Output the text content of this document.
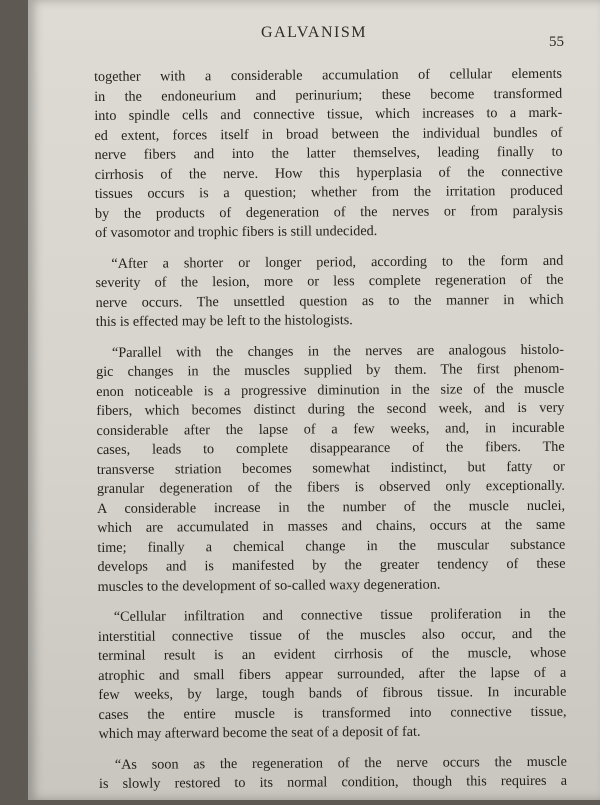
GALVANISM
55
together with a considerable accumulation of cellular elements
in the endoneurium and perinurium; these become transformed
into spindle cells and connective tissue, which increases to a mark-
ed extent, forces itself in broad between the individual bundles of
nerve fibers and into the latter themselves, leading finally to
cirrhosis of the nerve. How this hyperplasia of the connective
tissues occurs is a question; whether from the irritation produced
by the products of degeneration of the nerves or from paralysis
of vasomotor and trophic fibers is still undecided.
“After a shorter or longer period, according to the form and
severity of the lesion, more or less complete regeneration of the
nerve occurs. The unsettled question as to the manner in which
this is effected may be left to the histologists.
“Parallel with the changes in the nerves are analogous histolo-
gic changes in the muscles supplied by them. The first phenom-
enon noticeable is a progressive diminution in the size of the muscle
fibers, which becomes distinct during the second week, and is very
considerable after the lapse of a few weeks, and, in incurable
cases, leads to complete disappearance of the fibers. The
transverse striation becomes somewhat indistinct, but fatty or
granular degeneration of the fibers is observed only exceptionally.
A considerable increase in the number of the muscle nuclei,
which are accumulated in masses and chains, occurs at the same
time; finally a chemical change in the muscular substance
develops and is manifested by the greater tendency of these
muscles to the development of so-called waxy degeneration.
“Cellular infiltration and connective tissue proliferation in the
interstitial connective tissue of the muscles also occur, and the
terminal result is an evident cirrhosis of the muscle, whose
atrophic and small fibers appear surrounded, after the lapse of a
few weeks, by large, tough bands of fibrous tissue. In incurable
cases the entire muscle is transformed into connective tissue,
which may afterward become the seat of a deposit of fat.
“As soon as the regeneration of the nerve occurs the muscle
is slowly restored to its normal condition, though this requires a
